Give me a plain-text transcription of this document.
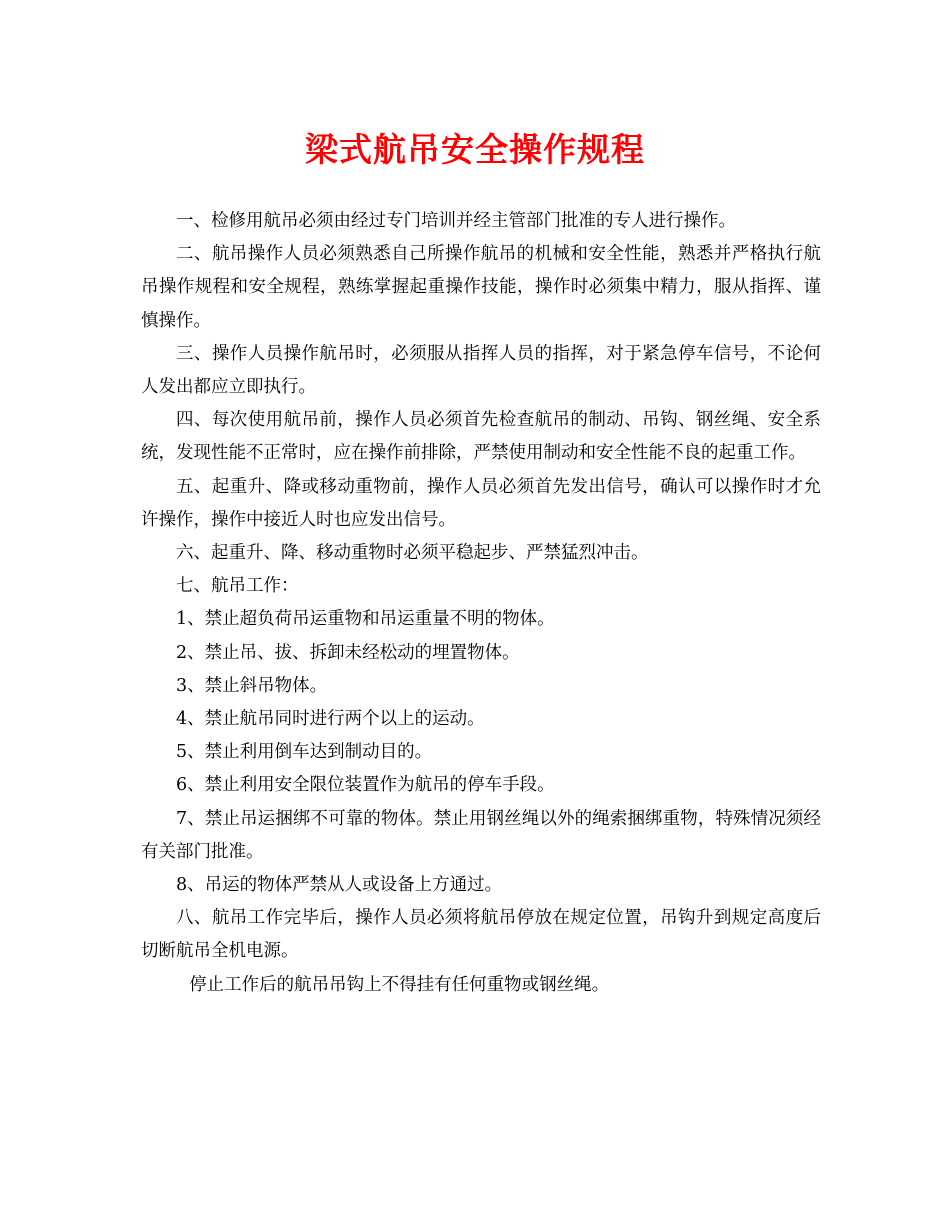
梁式航吊安全操作规程

一、检修用航吊必须由经过专门培训并经主管部门批准的专人进行操作。

二、航吊操作人员必须熟悉自己所操作航吊的机械和安全性能，熟悉并严格执行航吊操作规程和安全规程，熟练掌握起重操作技能，操作时必须集中精力，服从指挥、谨慎操作。

三、操作人员操作航吊时，必须服从指挥人员的指挥，对于紧急停车信号，不论何人发出都应立即执行。

四、每次使用航吊前，操作人员必须首先检查航吊的制动、吊钩、钢丝绳、安全系统，发现性能不正常时，应在操作前排除，严禁使用制动和安全性能不良的起重工作。

五、起重升、降或移动重物前，操作人员必须首先发出信号，确认可以操作时才允许操作，操作中接近人时也应发出信号。

六、起重升、降、移动重物时必须平稳起步、严禁猛烈冲击。

七、航吊工作：

1、禁止超负荷吊运重物和吊运重量不明的物体。

2、禁止吊、拔、拆卸未经松动的埋置物体。

3、禁止斜吊物体。

4、禁止航吊同时进行两个以上的运动。

5、禁止利用倒车达到制动目的。

6、禁止利用安全限位装置作为航吊的停车手段。

7、禁止吊运捆绑不可靠的物体。禁止用钢丝绳以外的绳索捆绑重物，特殊情况须经有关部门批准。

8、吊运的物体严禁从人或设备上方通过。

八、航吊工作完毕后，操作人员必须将航吊停放在规定位置，吊钩升到规定高度后切断航吊全机电源。

停止工作后的航吊吊钩上不得挂有任何重物或钢丝绳。
